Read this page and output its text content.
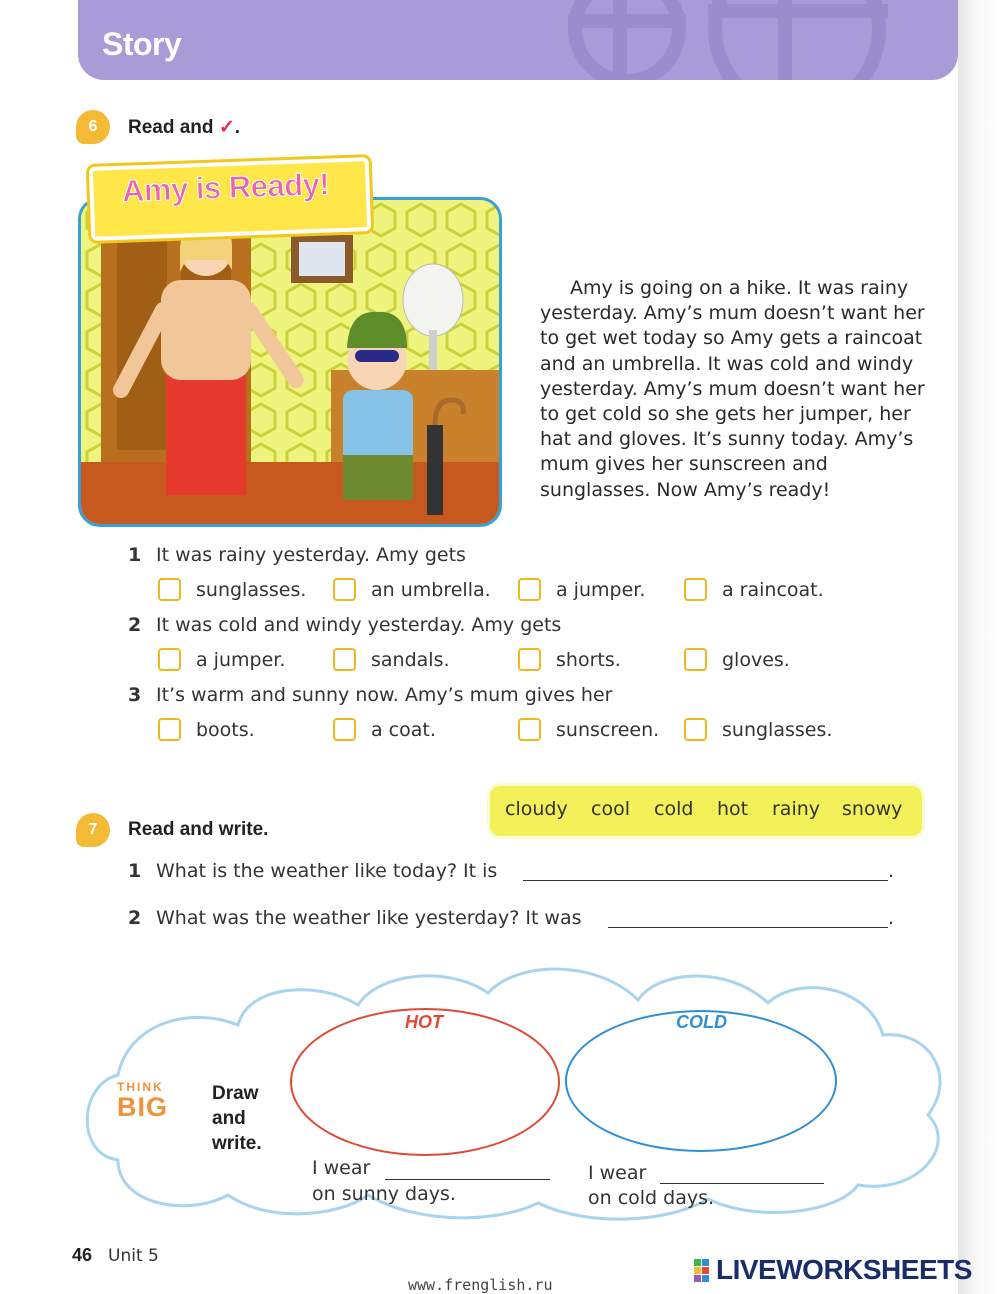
Story
6	Read and ✓.
Amy is Ready!

Amy is going on a hike. It was rainy yesterday. Amy’s mum doesn’t want her to get wet today so Amy gets a raincoat and an umbrella. It was cold and windy yesterday. Amy’s mum doesn’t want her to get cold so she gets her jumper, her hat and gloves. It’s sunny today. Amy’s mum gives her sunscreen and sunglasses. Now Amy’s ready!

1 It was rainy yesterday. Amy gets
sunglasses.	an umbrella.	a jumper.	a raincoat.
2 It was cold and windy yesterday. Amy gets
a jumper.	sandals.	shorts.	gloves.
3 It’s warm and sunny now. Amy’s mum gives her
boots.	a coat.	sunscreen.	sunglasses.
cloudy cool cold hot rainy snowy
7	Read and write.
1 What is the weather like today? It is	.
2 What was the weather like yesterday? It was	.
HOT	COLD
THINK
BIG	Draw
and
write.
I wear
on sunny days.
I wear
on cold days.
46 Unit 5
www.frenglish.ru	LIVEWORKSHEETS
